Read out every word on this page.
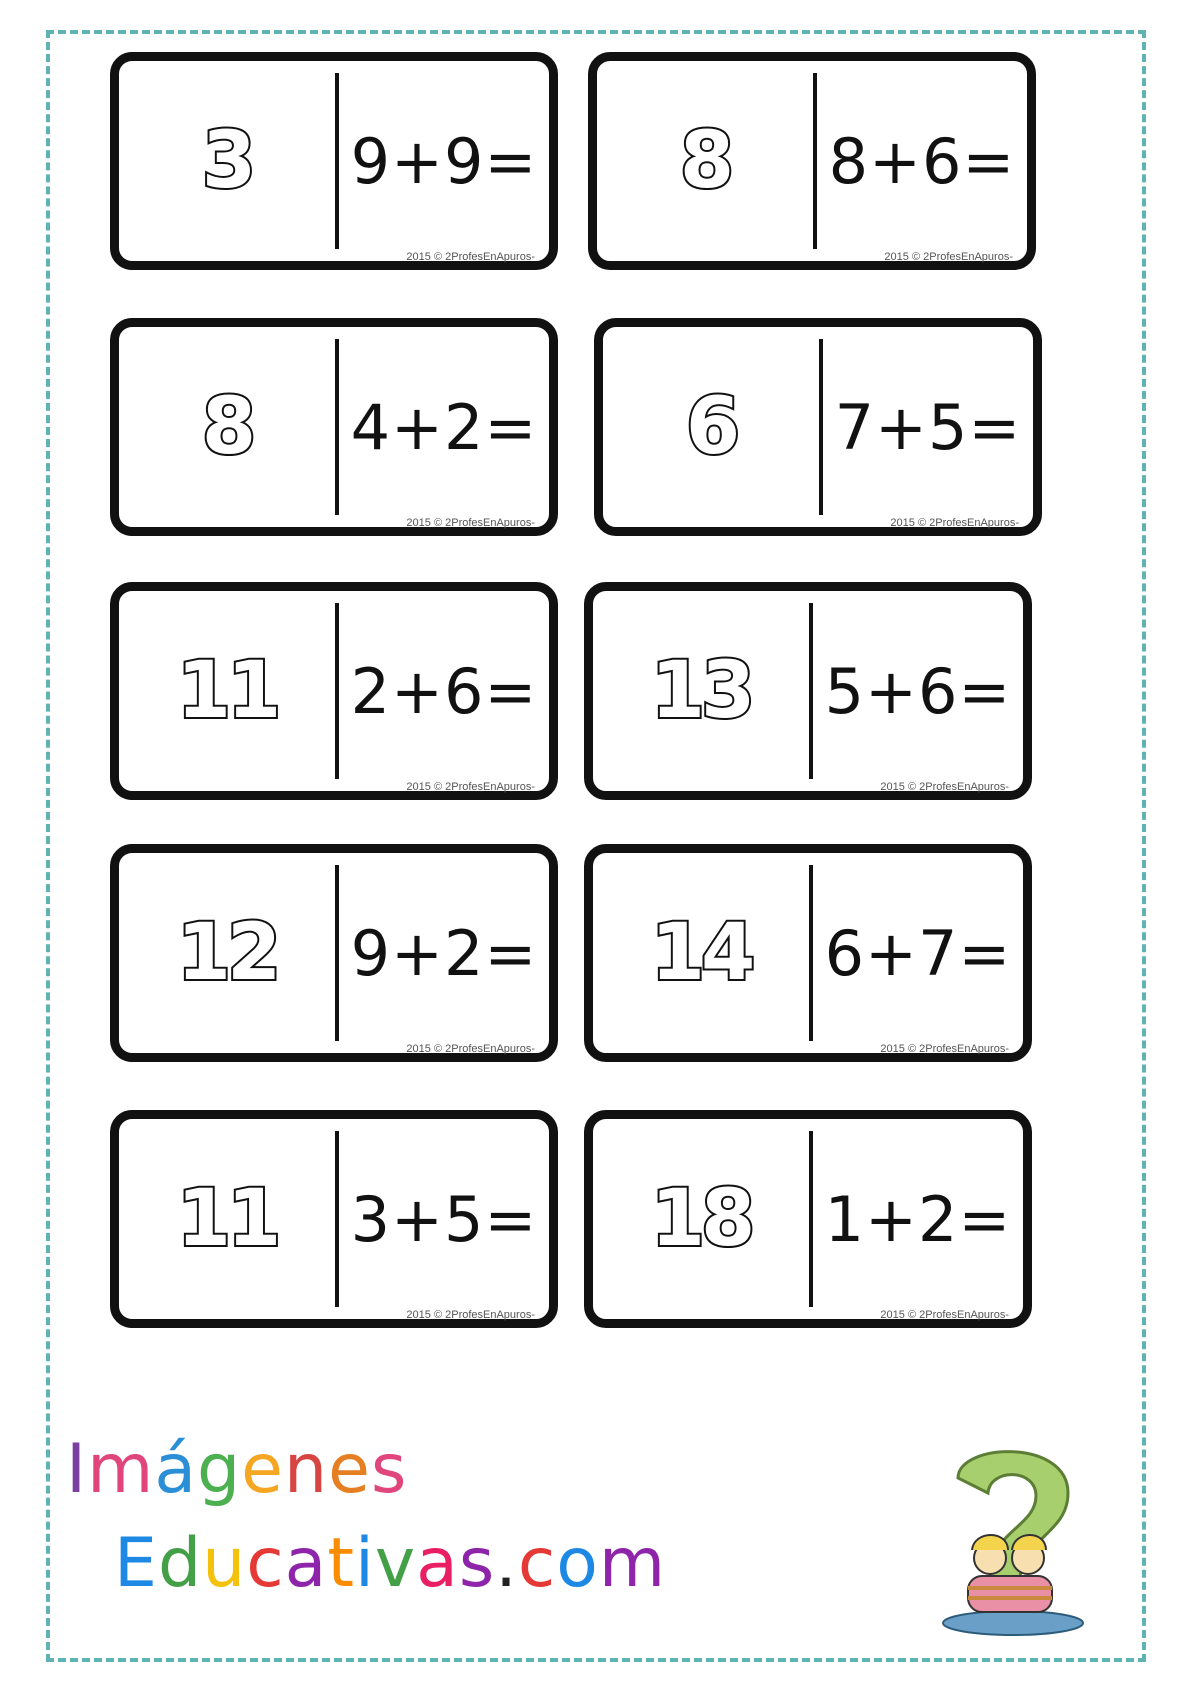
3 9+9=
2015 © 2ProfesEnApuros-
8 8+6=
2015 © 2ProfesEnApuros-
8 4+2=
2015 © 2ProfesEnApuros-
6 7+5=
2015 © 2ProfesEnApuros-
11 2+6=
2015 © 2ProfesEnApuros-
13 5+6=
2015 © 2ProfesEnApuros-
12 9+2=
2015 © 2ProfesEnApuros-
14 6+7=
2015 © 2ProfesEnApuros-
11 3+5=
2015 © 2ProfesEnApuros-
18 1+2=
2015 © 2ProfesEnApuros-
Imágenes
Educativas.com
